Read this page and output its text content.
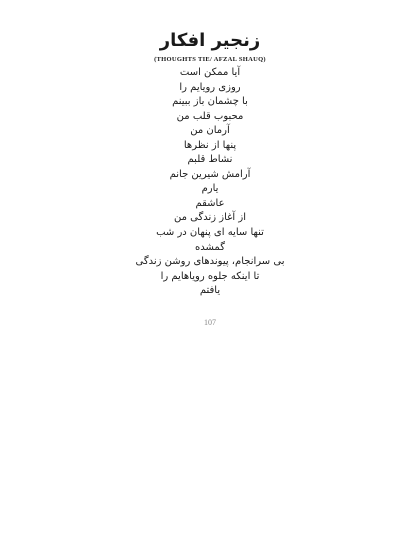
زنجیر افکار
(THOUGHTS TIE/ AFZAL SHAUQ)
آیا ممکن است
روزی رویایم را
با چشمان باز ببینم
محبوب قلب من
آرمان من
پنها از نظرها
نشاط قلبم
آرامش شیرین جانم
یارم
عاشقم
از آغاز زندگی من
تنها سایه ای پنهان در شب
گمشده
بی سرانجام، پیوندهای روشن زندگی
تا اینکه جلوه رویاهایم را
یافتم
107
